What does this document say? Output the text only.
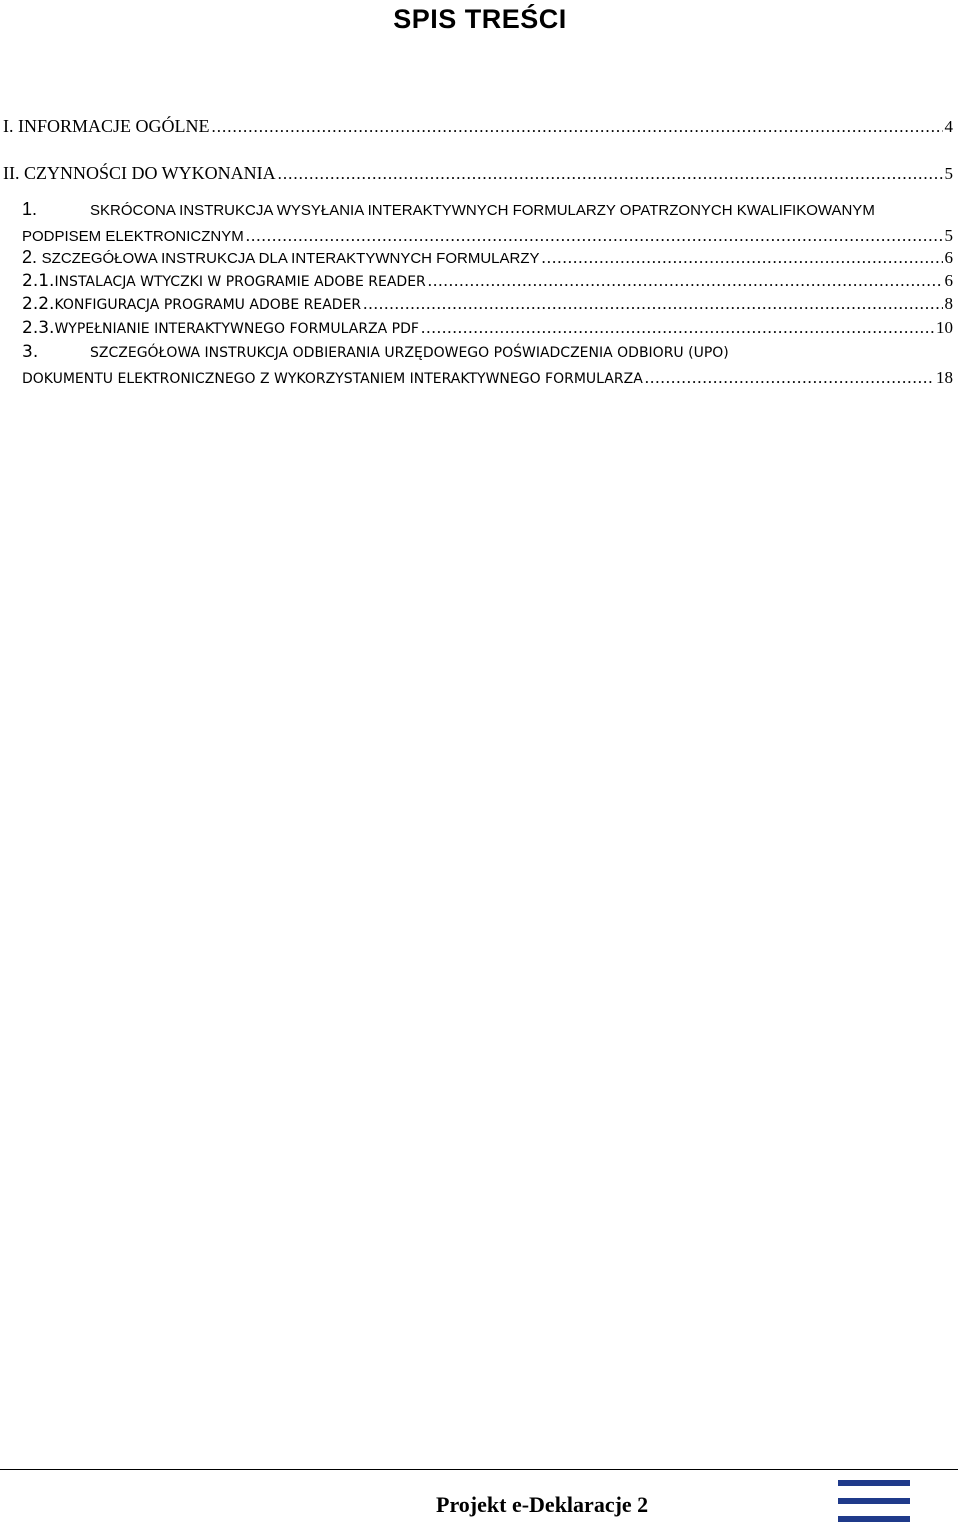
SPIS TREŚCI
I. INFORMACJE OGÓLNE .....	4
II. CZYNNOŚCI DO WYKONANIA .....	5
1.	SKRÓCONA INSTRUKCJA WYSYŁANIA INTERAKTYWNYCH FORMULARZY OPATRZONYCH KWALIFIKOWANYM
PODPISEM ELEKTRONICZNYM .....	5
2. SZCZEGÓŁOWA INSTRUKCJA DLA INTERAKTYWNYCH FORMULARZY .....	6
2.1. INSTALACJA WTYCZKI W PROGRAMIE ADOBE READER .....	6
2.2. KONFIGURACJA PROGRAMU ADOBE READER .....	8
2.3. WYPEŁNIANIE INTERAKTYWNEGO FORMULARZA PDF .....	10
3.	SZCZEGÓŁOWA INSTRUKCJA ODBIERANIA URZĘDOWEGO POŚWIADCZENIA ODBIORU (UPO)
DOKUMENTU ELEKTRONICZNEGO Z WYKORZYSTANIEM INTERAKTYWNEGO FORMULARZA .....	18
Projekt e-Deklaracje 2
